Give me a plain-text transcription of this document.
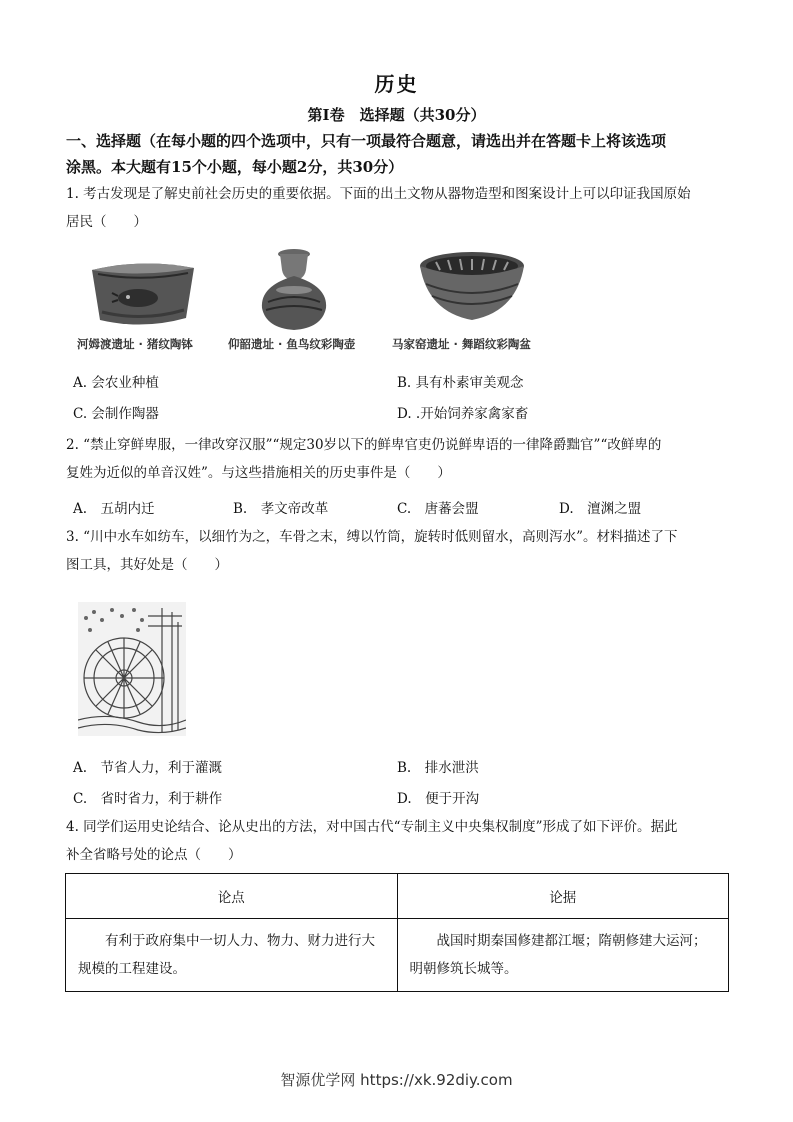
历史
第Ⅰ卷　选择题（共30分）
一、选择题（在每小题的四个选项中，只有一项最符合题意，请选出并在答题卡上将该选项
涂黑。本大题有15个小题，每小题2分，共30分）
1. 考古发现是了解史前社会历史的重要依据。下面的出土文物从器物造型和图案设计上可以印证我国原始
居民（　　）
河姆渡遗址 · 猪纹陶钵	仰韶遗址 · 鱼鸟纹彩陶壶	马家窑遗址 · 舞蹈纹彩陶盆
A. 会农业种植	B. 具有朴素审美观念
C. 会制作陶器	D. .开始饲养家禽家畜
2. “禁止穿鲜卑服，一律改穿汉服”“规定30岁以下的鲜卑官吏仍说鲜卑语的一律降爵黜官”“改鲜卑的
复姓为近似的单音汉姓”。与这些措施相关的历史事件是（　　）
A.　五胡内迁	B.　孝文帝改革	C.　唐蕃会盟	D.　澶渊之盟
3. “川中水车如纺车，以细竹为之，车骨之末，缚以竹筒，旋转时低则留水，高则泻水”。材料描述了下
图工具，其好处是（　　）
A.　节省人力，利于灌溉	B.　排水泄洪
C.　省时省力，利于耕作	D.　便于开沟
4. 同学们运用史论结合、论从史出的方法，对中国古代“专制主义中央集权制度”形成了如下评价。据此
补全省略号处的论点（　　）
论点	论据
有利于政府集中一切人力、物力、财力进行大规模的工程建设。	战国时期秦国修建都江堰；隋朝修建大运河；明朝修筑长城等。
智源优学网 https://xk.92diy.com
